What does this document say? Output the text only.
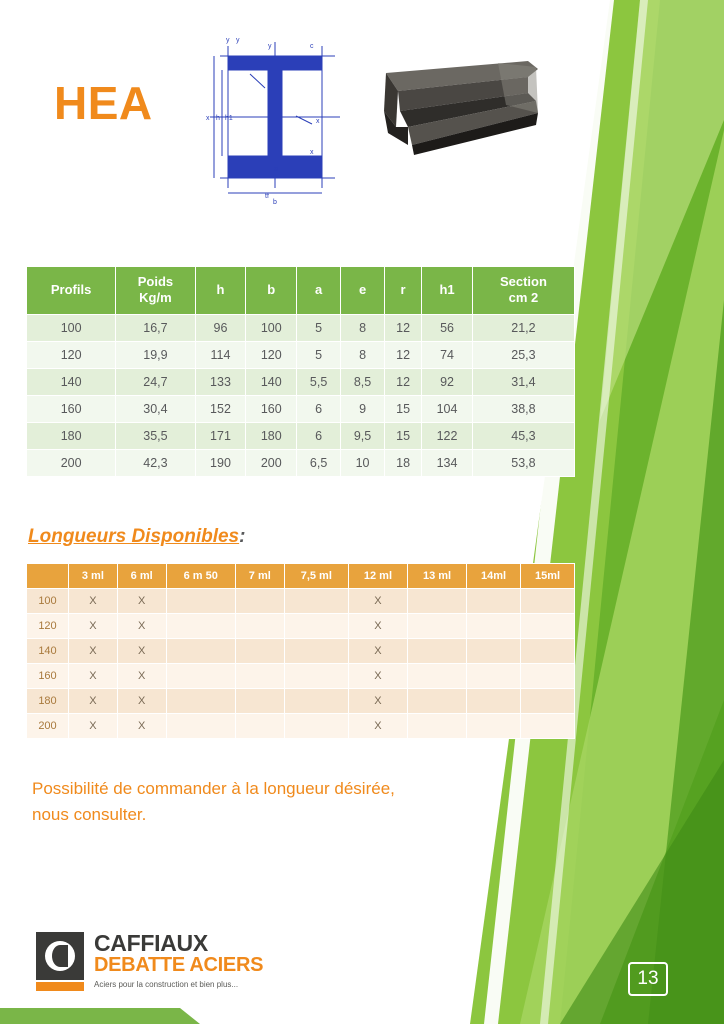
HEA
y y
y	c
x
x h h1
b
a
x
tf
Profils	Poids
Kg/m	h	b	a	e	r	h1	Section
cm 2
100	16,7	96	100	5	8	12	56	21,2
120	19,9	114	120	5	8	12	74	25,3
140	24,7	133	140	5,5	8,5	12	92	31,4
160	30,4	152	160	6	9	15	104	38,8
180	35,5	171	180	6	9,5	15	122	45,3
200	42,3	190	200	6,5	10	18	134	53,8
Longueurs Disponibles:
	3 ml	6 ml	6 m 50	7 ml	7,5 ml	12 ml	13 ml	14ml	15ml
100	X	X				X			
120	X	X				X			
140	X	X				X			
160	X	X				X			
180	X	X				X			
200	X	X				X			
Possibilité de commander à la longueur désirée,
nous consulter.
CAFFIAUX
DEBATTE ACIERS
Aciers pour la construction et bien plus...	13
